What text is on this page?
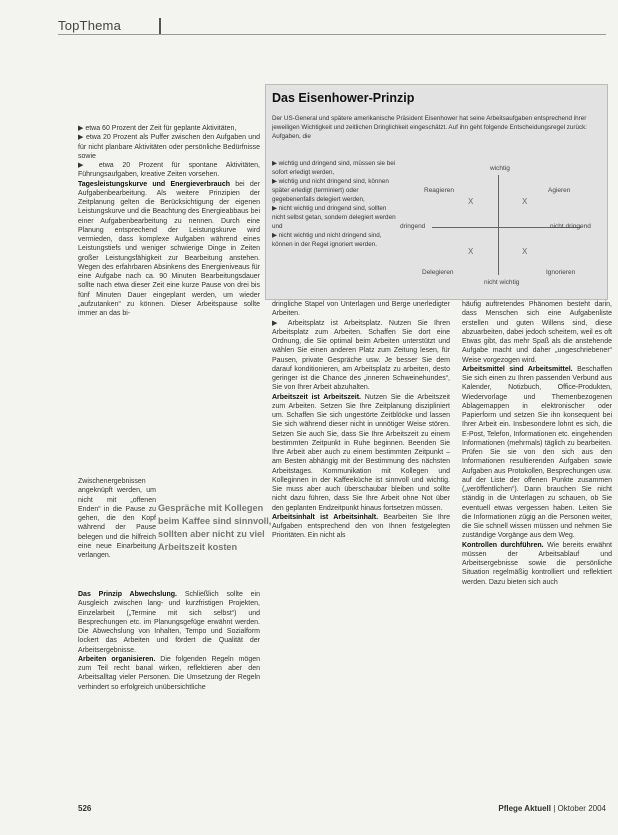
TopThema
Das Eisenhower-Prinzip
Der US-General und spätere amerikanische Präsident Eisenhower hat seine Arbeitsaufgaben entsprechend ihrer jeweiligen Wichtigkeit und zeitlichen Dringlichkeit eingeschätzt. Auf ihn geht folgende Entscheidungsregel zurück: Aufgaben, die
▶ wichtig und dringend sind, müssen sie bei sofort erledigt werden,
▶ wichtig und nicht dringend sind, können später erledigt (terminiert) oder gegebenenfalls delegiert werden,
▶ nicht wichtig und dringend sind, sollten nicht selbst getan, sondern delegiert werden und
▶ nicht wichtig und nicht dringend sind, können in der Regel ignoriert werden.
wichtig
nicht wichtig
dringend	nicht dringend
Reagieren	Agieren
Delegieren	Ignorieren
X	X
X	X

▶ etwa 60 Prozent der Zeit für geplante Aktivitäten,

▶ etwa 20 Prozent als Puffer zwischen den Aufgaben und für nicht planbare Aktivitäten oder persönliche Bedürfnisse sowie

▶ etwa 20 Prozent für spontane Aktivitäten, Führungsaufgaben, kreative Zeiten vorsehen.

Tagesleistungskurve und Energieverbrauch bei der Aufgabenbearbeitung. Als weitere Prinzipien der Zeitplanung gelten die Berücksichtigung der eigenen Leistungskurve und die Beachtung des Energieabbaus bei einer Aufgabenbearbeitung zu nennen. Durch eine Planung entsprechend der Leistungskurve wird vermieden, dass komplexe Aufgaben während eines Leistungstiefs und weniger schwierige Dinge in Zeiten großer Leistungsfähigkeit zur Bearbeitung anstehen. Wegen des erfahrbaren Absinkens des Energieniveaus für eine Aufgabe nach ca. 90 Minuten Bearbeitungsdauer sollte nach etwa dieser Zeit eine kurze Pause von drei bis fünf Minuten Dauer eingeplant werden, um wieder „aufzutanken“ zu können. Dieser Arbeitspause sollte immer an das bi-

Gespräche mit Kollegen beim Kaffee sind sinnvoll, sollten aber nicht zu viel Arbeitszeit kosten

Zwischenergebnissen angeknüpft werden, um nicht mit „offenen Enden“ in die Pause zu gehen, die den Kopf während der Pause belegen und die hilfreich eine neue Einarbeitung verlangen.

Das Prinzip Abwechslung. Schließlich sollte ein Ausgleich zwischen lang- und kurzfristigen Projekten, Einzelarbeit („Termine mit sich selbst“) und Besprechungen etc. im Planungsgefüge erwähnt werden. Die Abwechslung von Inhalten, Tempo und Sozialform lockert das Arbeiten und fördert die Qualität der Arbeitsergebnisse.

Arbeiten organisieren. Die folgenden Regeln mögen zum Teil recht banal wirken, reflektieren aber den Arbeitsalltag vieler Personen. Die Umsetzung der Regeln verhindert so erfolgreich unübersichtliche

dringliche Stapel von Unterlagen und Berge unerledigter Arbeiten.

▶ Arbeitsplatz ist Arbeitsplatz. Nutzen Sie Ihren Arbeitsplatz zum Arbeiten. Schaffen Sie dort eine Ordnung, die Sie optimal beim Arbeiten unterstützt und wählen Sie einen anderen Platz zum Zeitung lesen, für Pausen, private Gespräche usw. Je besser Sie dem darauf konditionieren, am Arbeitsplatz zu arbeiten, desto geringer ist die Chance des „inneren Schweinehundes“, Sie von Ihrer Arbeit abzuhalten.

Arbeitszeit ist Arbeitszeit. Nutzen Sie die Arbeitszeit zum Arbeiten. Setzen Sie Ihre Zeitplanung diszipliniert um. Schaffen Sie sich ungestörte Zeitblöcke und lassen Sie sich während dieser nicht in unnötiger Weise stören. Setzen Sie auch Sie, dass Sie Ihre Arbeitszeit zu einem bestimmten Zeitpunkt in Ruhe beginnen. Beenden Sie Ihre Arbeit aber auch zu einem bestimmten Zeitpunkt – am Besten abhängig mit der Bestimmung des nächsten Arbeitstages. Kommunikation mit Kollegen und Kolleginnen in der Kaffeeküche ist sinnvoll und wichtig. Sie muss aber auch überschaubar bleiben und sollte nicht dazu führen, dass Sie Ihre Arbeit ohne Not über den geplanten Endzeitpunkt hinaus fortsetzen müssen.

Arbeitsinhalt ist Arbeitsinhalt. Bearbeiten Sie Ihre Aufgaben entsprechend den von Ihnen festgelegten Prioritäten. Ein nicht als

häufig auftretendes Phänomen besteht darin, dass Menschen sich eine Aufgabenliste erstellen und guten Willens sind, diese abzuarbeiten, dabei jedoch scheitern, weil es oft Etwas gibt, das mehr Spaß als die anstehende Aufgabe macht und daher „ungeschriebener“ Weise vorgezogen wird.

Arbeitsmittel sind Arbeitsmittel. Beschaffen Sie sich einen zu Ihren passenden Verbund aus Kalender, Notizbuch, Office-Produkten, Wiedervorlage und Themenbezogenen Ablagemappen in elektronischer oder Papierform und setzen Sie ihn konsequent bei Ihrer Arbeit ein. Insbesondere lohnt es sich, die E-Post, Telefon, Informationen etc. eingehenden Informationen (mehrmals) täglich zu bearbeiten. Prüfen Sie sie von den sich aus den Informationen resultierenden Aufgaben sowie Aufgaben aus Protokollen, Besprechungen usw. auf der Liste der offenen Punkte zusammen („veröffentlichen“). Dann brauchen Sie nicht ständig in die Unterlagen zu schauen, ob Sie eventuell etwas vergessen haben. Leiten Sie die Informationen zügig an die Personen weiter, die Sie schnell wissen müssen und nehmen Sie zuständige Vorgänge aus dem Weg.

Kontrollen durchführen. Wie bereits erwähnt müssen der Arbeitsablauf und Arbeitsergebnisse sowie die persönliche Situation regelmäßig kontrolliert und reflektiert werden. Dazu bieten sich auch

526	Pflege Aktuell | Oktober 2004
